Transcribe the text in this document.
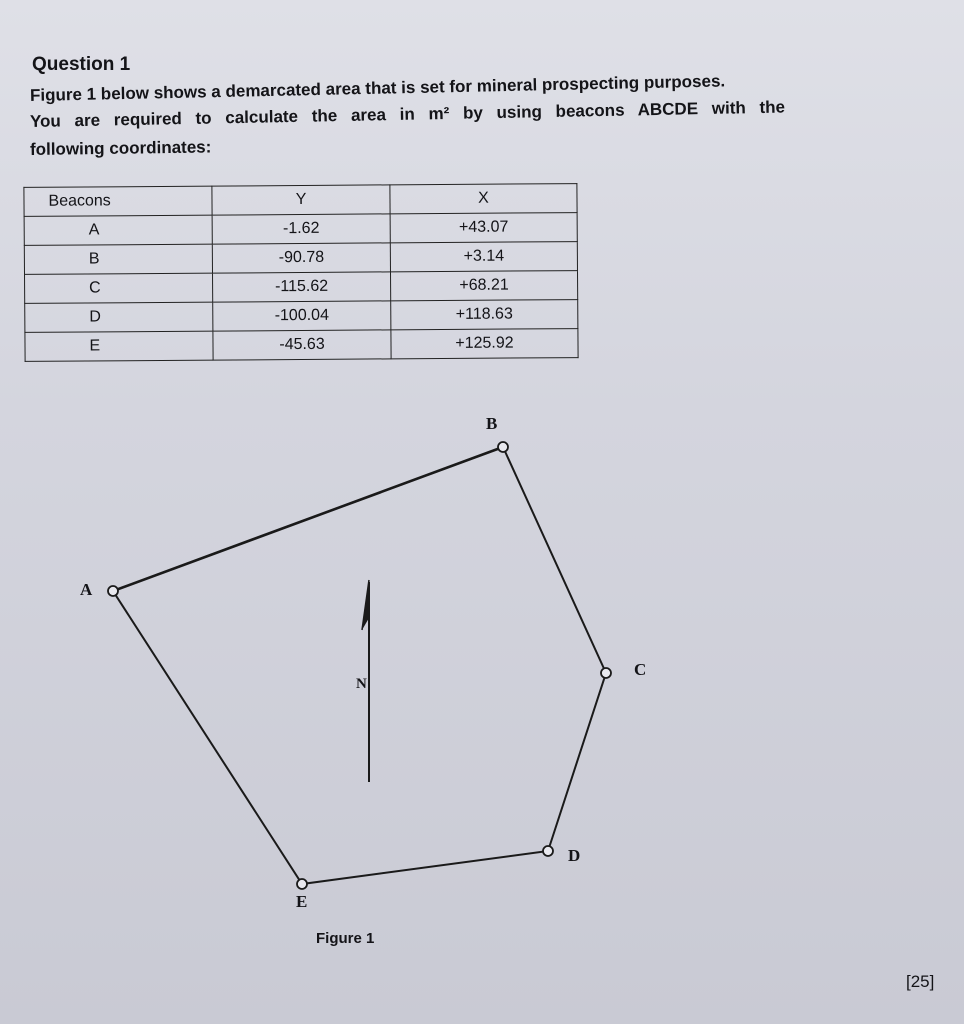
Question 1
Figure 1 below shows a demarcated area that is set for mineral prospecting purposes.
You are required to calculate the area in m² by using beacons ABCDE with the
following coordinates:
Beacons	Y	X
A	-1.62	+43.07
B	-90.78	+3.14
C	-115.62	+68.21
D	-100.04	+118.63
E	-45.63	+125.92
A
B
C
D
E
N
Figure 1
[25]
